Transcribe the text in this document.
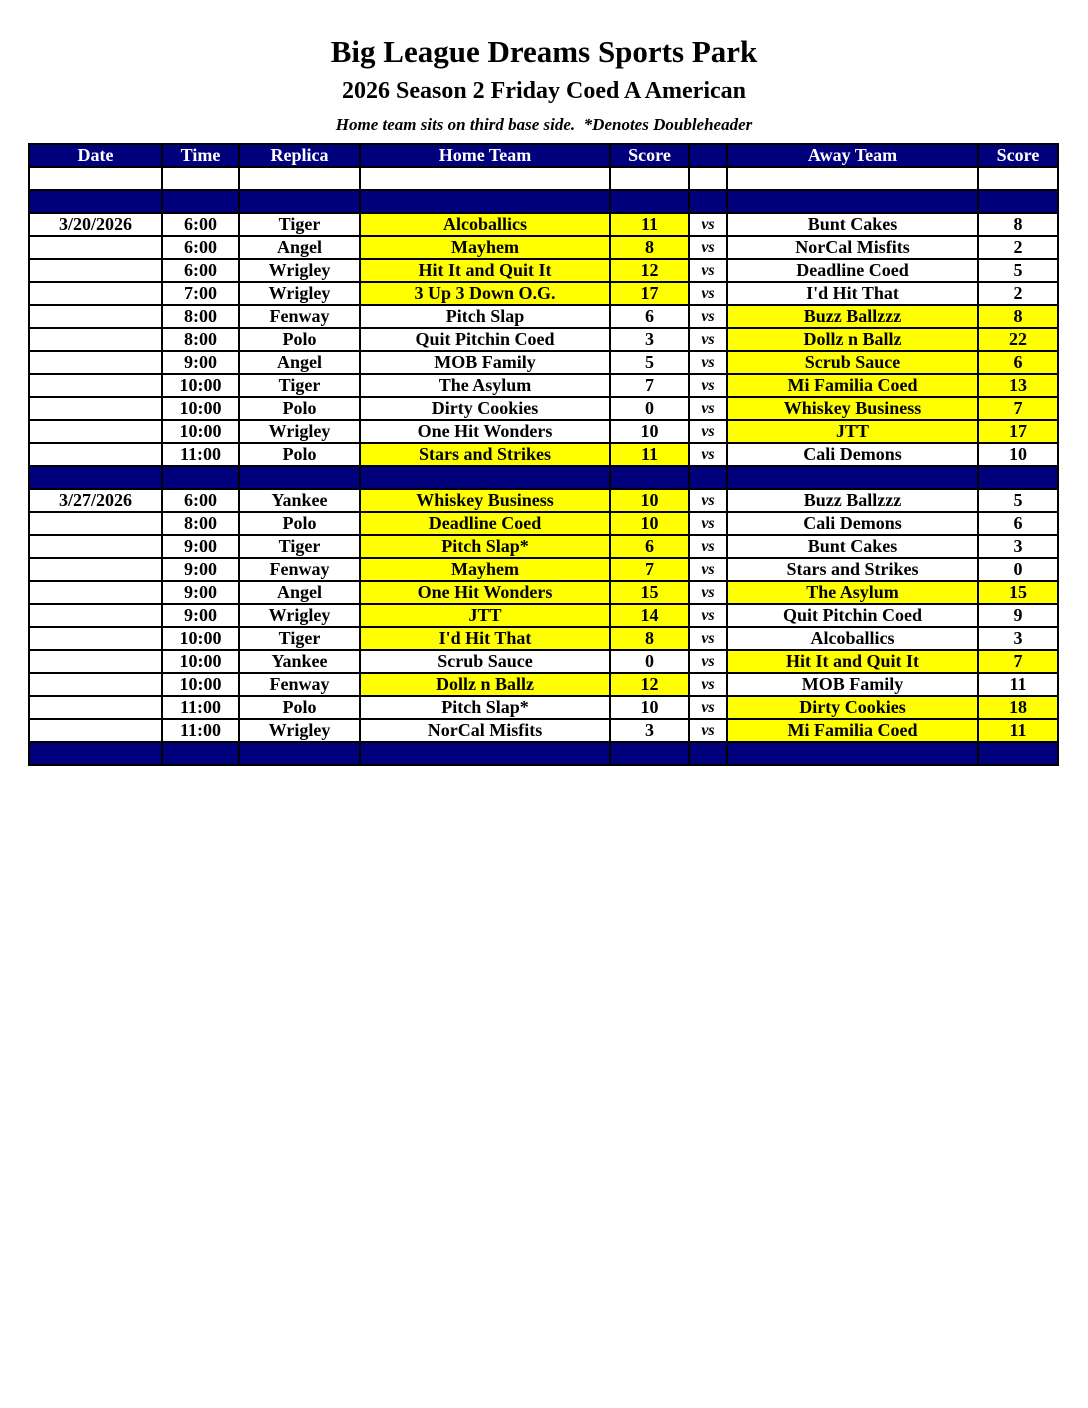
Big League Dreams Sports Park
2026 Season 2 Friday Coed A American
Home team sits on third base side.  *Denotes Doubleheader
Date	Time	Replica	Home Team	Score		Away Team	Score

3/20/2026	6:00	Tiger	Alcoballics	11	vs	Bunt Cakes	8
	6:00	Angel	Mayhem	8	vs	NorCal Misfits	2
	6:00	Wrigley	Hit It and Quit It	12	vs	Deadline Coed	5
	7:00	Wrigley	3 Up 3 Down O.G.	17	vs	I'd Hit That	2
	8:00	Fenway	Pitch Slap	6	vs	Buzz Ballzzz	8
	8:00	Polo	Quit Pitchin Coed	3	vs	Dollz n Ballz	22
	9:00	Angel	MOB Family	5	vs	Scrub Sauce	6
	10:00	Tiger	The Asylum	7	vs	Mi Familia Coed	13
	10:00	Polo	Dirty Cookies	0	vs	Whiskey Business	7
	10:00	Wrigley	One Hit Wonders	10	vs	JTT	17
	11:00	Polo	Stars and Strikes	11	vs	Cali Demons	10

3/27/2026	6:00	Yankee	Whiskey Business	10	vs	Buzz Ballzzz	5
	8:00	Polo	Deadline Coed	10	vs	Cali Demons	6
	9:00	Tiger	Pitch Slap*	6	vs	Bunt Cakes	3
	9:00	Fenway	Mayhem	7	vs	Stars and Strikes	0
	9:00	Angel	One Hit Wonders	15	vs	The Asylum	15
	9:00	Wrigley	JTT	14	vs	Quit Pitchin Coed	9
	10:00	Tiger	I'd Hit That	8	vs	Alcoballics	3
	10:00	Yankee	Scrub Sauce	0	vs	Hit It and Quit It	7
	10:00	Fenway	Dollz n Ballz	12	vs	MOB Family	11
	11:00	Polo	Pitch Slap*	10	vs	Dirty Cookies	18
	11:00	Wrigley	NorCal Misfits	3	vs	Mi Familia Coed	11
